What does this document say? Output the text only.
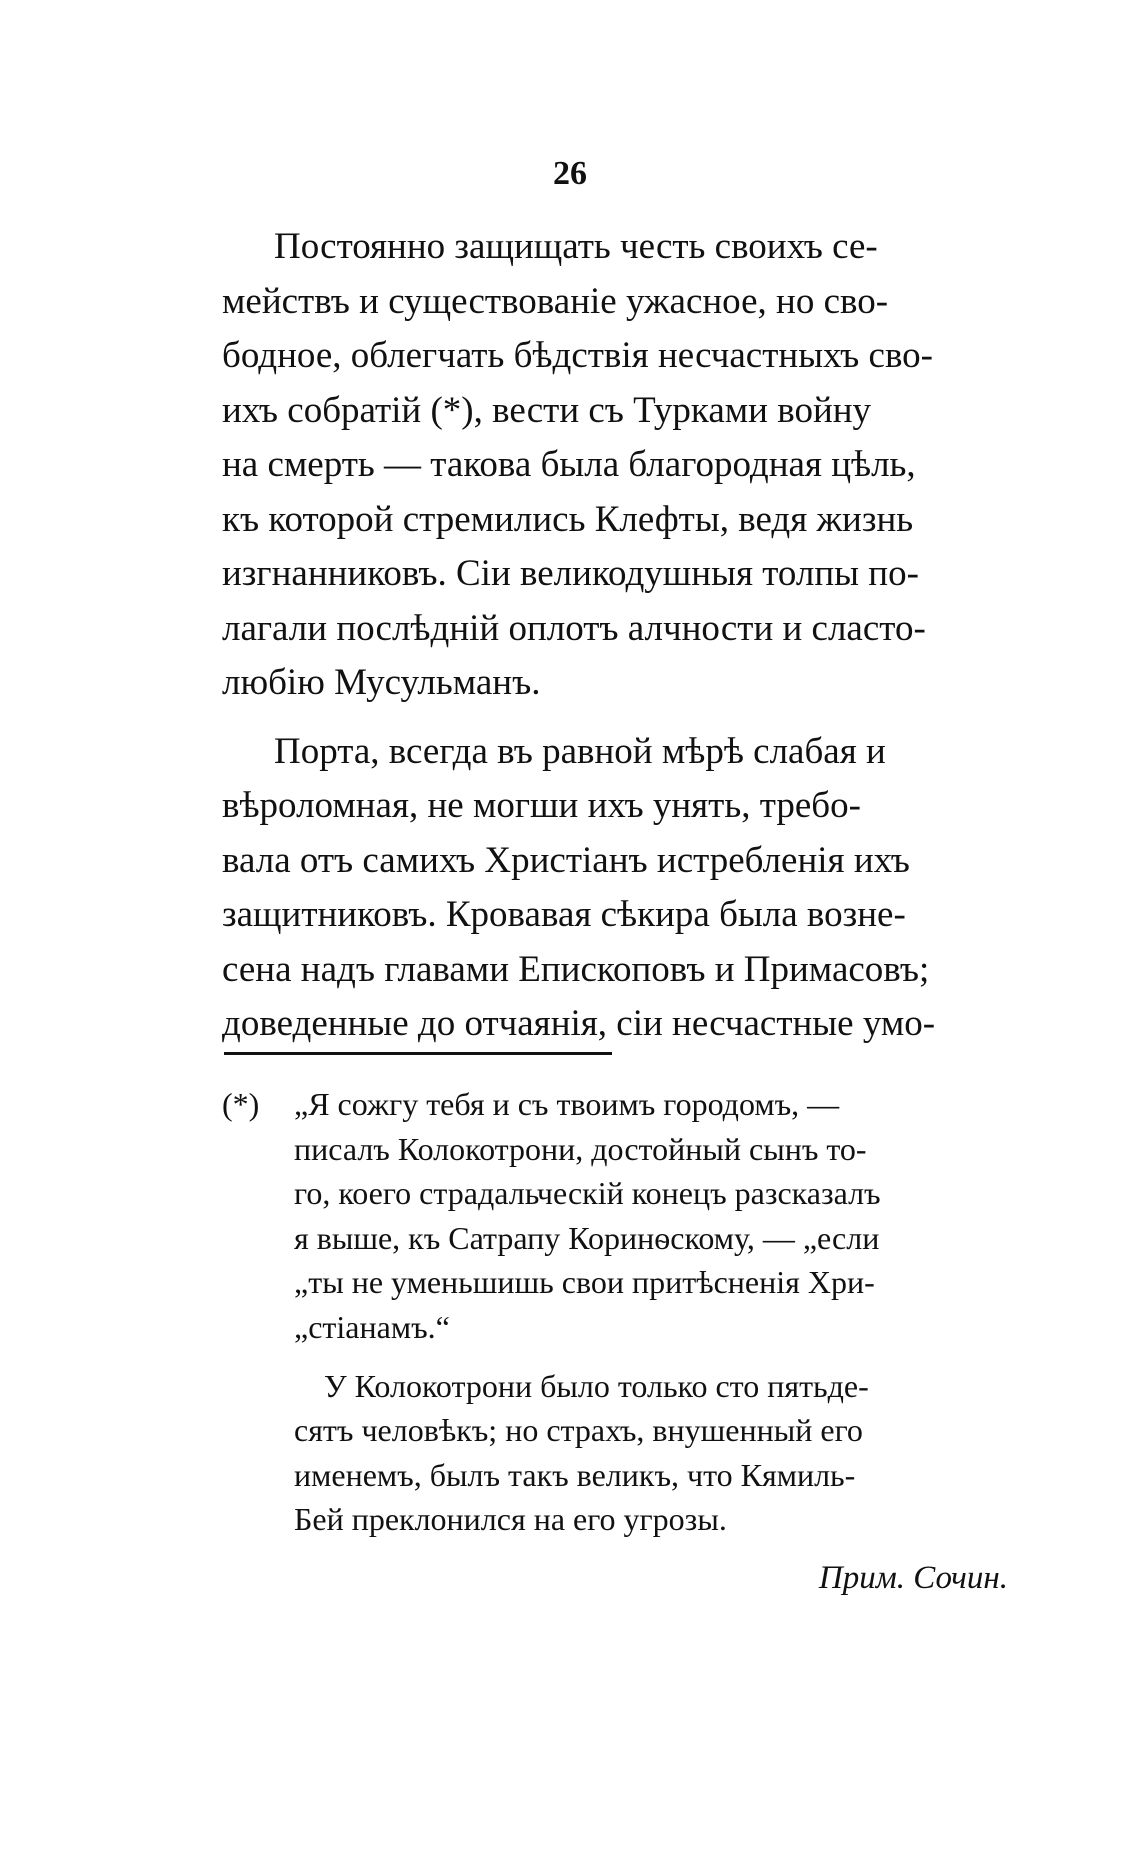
26
Постоянно защищать честь своихъ се-
мействъ и существованіе ужасное, но сво-
бодное, облегчать бѣдствія несчастныхъ сво-
ихъ собратій (*), вести съ Турками войну
на смерть — такова была благородная цѣль,
къ которой стремились Клефты, ведя жизнь
изгнанниковъ. Сіи великодушныя толпы по-
лагали послѣдній оплотъ алчности и сласто-
любію Мусульманъ.
Порта, всегда въ равной мѣрѣ слабая и
вѣроломная, не могши ихъ унять, требо-
вала отъ самихъ Христіанъ истребленія ихъ
защитниковъ. Кровавая сѣкира была возне-
сена надъ главами Епископовъ и Примасовъ;
доведенные до отчаянія, сіи несчастные умо-
(*)	„Я сожгу тебя и съ твоимъ городомъ, —
писалъ Колокотрони, достойный сынъ то-
го, коего страдальческій конецъ разсказалъ
я выше, къ Сатрапу Коринѳскому, — „если
„ты не уменьшишь свои притѣсненія Хри-
„стіанамъ.“
У Колокотрони было только сто пятьде-
сятъ человѣкъ; но страхъ, внушенный его
именемъ, былъ такъ великъ, что Кямиль-
Бей преклонился на его угрозы.
Прим. Сочин.
